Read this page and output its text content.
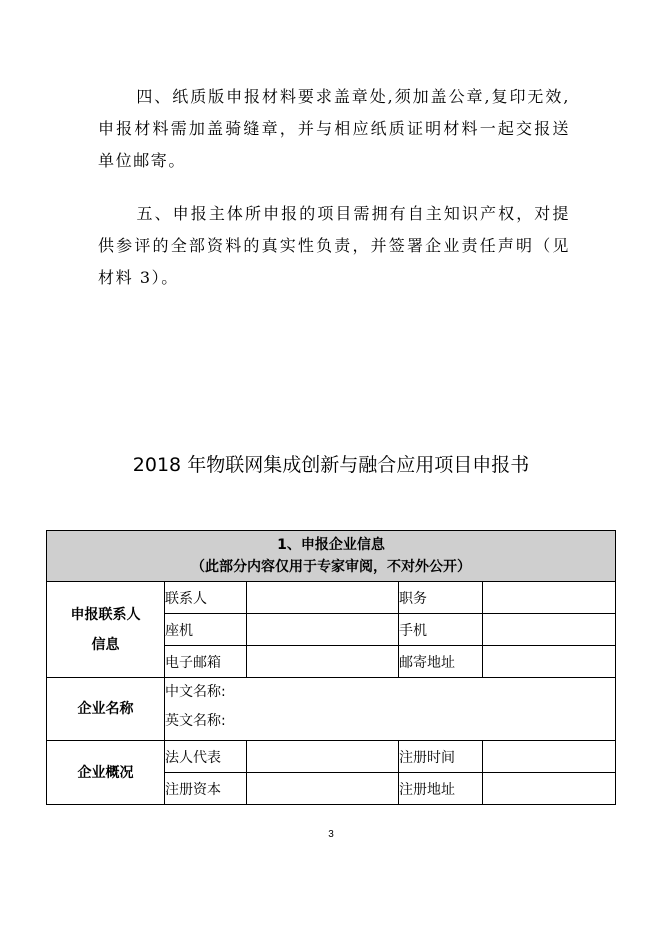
四、纸质版申报材料要求盖章处,须加盖公章,复印无效,申报材料需加盖骑缝章，并与相应纸质证明材料一起交报送单位邮寄。

五、申报主体所申报的项目需拥有自主知识产权，对提供参评的全部资料的真实性负责，并签署企业责任声明（见材料 3）。

2018 年物联网集成创新与融合应用项目申报书
1、申报企业信息
（此部分内容仅用于专家审阅，不对外公开）				

申报联系人
信息	联系人		职务	
	座机		手机	
	电子邮箱		邮寄地址	
企业名称	中文名称:
英文名称:			

企业概况	法人代表		注册时间	
	注册资本		注册地址	
3
